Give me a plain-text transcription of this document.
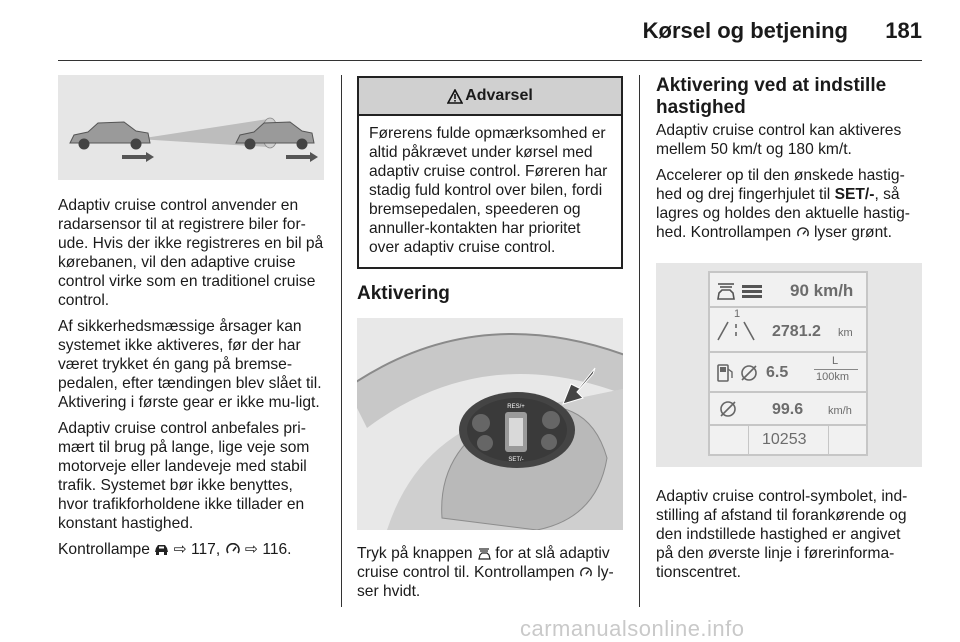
Kørsel og betjening 181

Adaptiv cruise control anvender en radarsensor til at registrere biler for-ude. Hvis der ikke registreres en bil på kørebanen, vil den adaptive cruise control virke som en traditionel cruise control.

Af sikkerhedsmæssige årsager kan systemet ikke aktiveres, før der har været trykket én gang på bremse-pedalen, efter tændingen blev slået til. Aktivering i første gear er ikke mu-ligt.

Adaptiv cruise control anbefales pri-mært til brug på lange, lige veje som motorveje eller landeveje med stabil trafik. Systemet bør ikke benyttes, hvor trafikforholdene ikke tillader en konstant hastighed.

Kontrollampe ⇨ 117, ⇨ 116.

Advarsel
Førerens fulde opmærksomhed er altid påkrævet under kørsel med adaptiv cruise control. Føreren har stadig fuld kontrol over bilen, fordi bremsepedalen, speederen og annuller-kontakten har prioritet over adaptiv cruise control.
Aktivering
RES/+
SET/-

Tryk på knappen for at slå adaptiv cruise control til. Kontrollampen ly-ser hvidt.

Aktivering ved at indstille hastighed

Adaptiv cruise control kan aktiveres mellem 50 km/t og 180 km/t.

Accelerer op til den ønskede hastig-hed og drej fingerhjulet til SET/-, så lagres og holdes den aktuelle hastig-hed. Kontrollampen lyser grønt.

90 km/h
1
2781.2 km
6.5
L
100km
99.6 km/h
10253

Adaptiv cruise control-symbolet, ind-stilling af afstand til forankørende og den indstillede hastighed er angivet på den øverste linje i førerinforma-tionscentret.

carmanualsonline.info
